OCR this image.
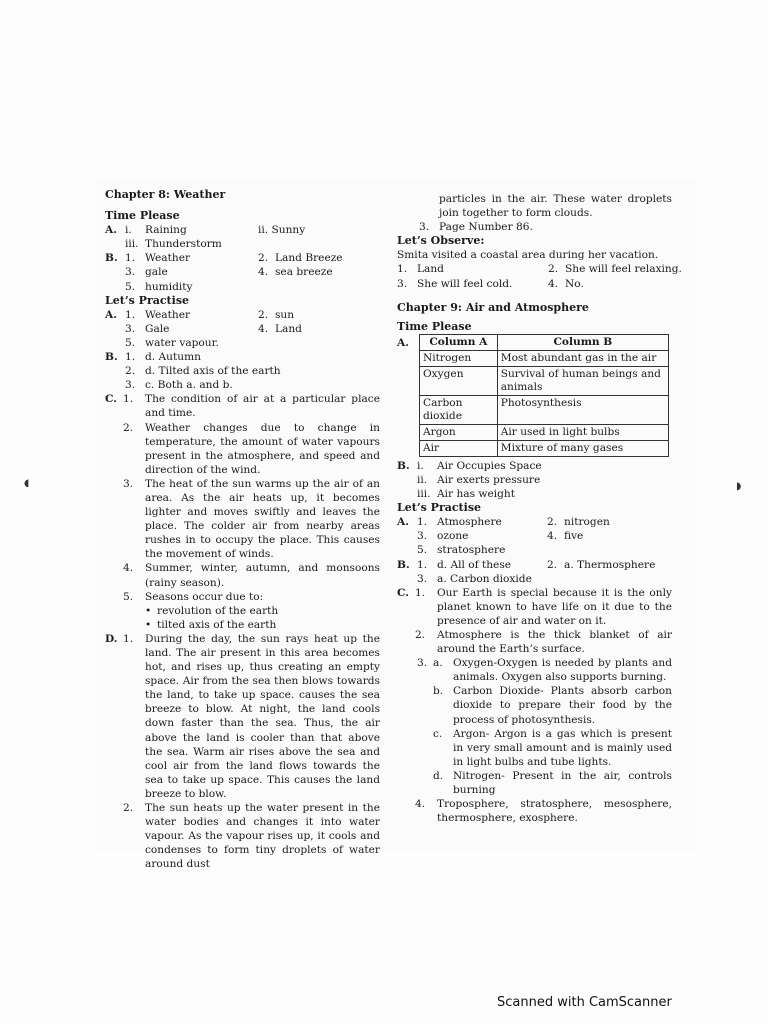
◖	◗
Chapter 8: Weather
Time Please
A. i. Raining	ii. Sunny
iii. Thunderstorm
B. 1. Weather	2. Land Breeze
3. gale	4. sea breeze
5. humidity
Let’s Practise
A. 1. Weather	2. sun
3. Gale	4. Land
5. water vapour.
B. 1. d. Autumn
2. d. Tilted axis of the earth
3. c. Both a. and b.
C. 1. The condition of air at a particular place and time.
2. Weather changes due to change in temperature, the amount of water vapours present in the atmosphere, and speed and direction of the wind.
3. The heat of the sun warms up the air of an area. As the air heats up, it becomes lighter and moves swiftly and leaves the place. The colder air from nearby areas rushes in to occupy the place. This causes the movement of winds.
4. Summer, winter, autumn, and monsoons (rainy season).
5. Seasons occur due to:
• revolution of the earth
• tilted axis of the earth
D. 1. During the day, the sun rays heat up the land. The air present in this area becomes hot, and rises up, thus creating an empty space. Air from the sea then blows towards the land, to take up space. causes the sea breeze to blow. At night, the land cools down faster than the sea. Thus, the air above the land is cooler than that above the sea. Warm air rises above the sea and cool air from the land flows towards the sea to take up space. This causes the land breeze to blow.
2. The sun heats up the water present in the water bodies and changes it into water vapour. As the vapour rises up, it cools and condenses to form tiny droplets of water around dust
particles in the air. These water droplets join together to form clouds.
3. Page Number 86.
Let’s Observe:
Smita visited a coastal area during her vacation.
1. Land	2. She will feel relaxing.
3. She will feel cold.	4. No.
Chapter 9: Air and Atmosphere
Time Please
A. Column A	Column B
Nitrogen	Most abundant gas in the air
Oxygen	Survival of human beings and animals
Carbon dioxide	Photosynthesis
Argon	Air used in light bulbs
Air	Mixture of many gases
B. i. Air Occupies Space
ii. Air exerts pressure
iii. Air has weight
Let’s Practise
A. 1. Atmosphere	2. nitrogen
3. ozone	4. five
5. stratosphere
B. 1. d. All of these	2. a. Thermosphere
3. a. Carbon dioxide
C. 1. Our Earth is special because it is the only planet known to have life on it due to the presence of air and water on it.
2. Atmosphere is the thick blanket of air around the Earth’s surface.
3. a. Oxygen-Oxygen is needed by plants and animals. Oxygen also supports burning.
b. Carbon Dioxide- Plants absorb carbon dioxide to prepare their food by the process of photosynthesis.
c. Argon- Argon is a gas which is present in very small amount and is mainly used in light bulbs and tube lights.
d. Nitrogen- Present in the air, controls burning
4. Troposphere, stratosphere, mesosphere, thermosphere, exosphere.
Scanned with CamScanner
